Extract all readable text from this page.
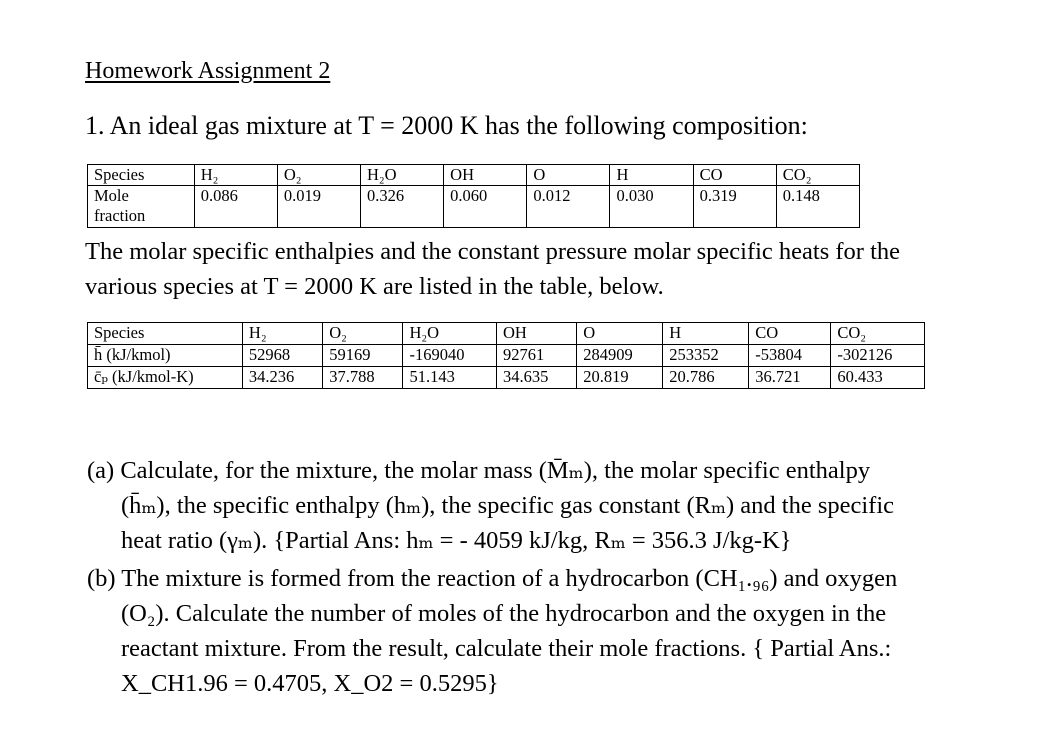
Homework Assignment 2
1. An ideal gas mixture at T = 2000 K has the following composition:
Species	H₂	O₂	H₂O	OH	O	H	CO	CO₂
Mole
fraction	0.086	0.019	0.326	0.060	0.012	0.030	0.319	0.148
The molar specific enthalpies and the constant pressure molar specific heats for the
various species at T = 2000 K are listed in the table, below.
Species	H₂	O₂	H₂O	OH	O	H	CO	CO₂
h̄ (kJ/kmol)	52968	59169	-169040	92761	284909	253352	-53804	-302126
c̄ₚ (kJ/kmol-K)	34.236	37.788	51.143	34.635	20.819	20.786	36.721	60.433
(a) Calculate, for the mixture, the molar mass (M̄ₘ), the molar specific enthalpy
(h̄ₘ), the specific enthalpy (hₘ), the specific gas constant (Rₘ) and the specific
heat ratio (γₘ). {Partial Ans: hₘ = - 4059 kJ/kg, Rₘ = 356.3 J/kg-K}
(b) The mixture is formed from the reaction of a hydrocarbon (CH₁.₉₆) and oxygen
(O₂). Calculate the number of moles of the hydrocarbon and the oxygen in the
reactant mixture. From the result, calculate their mole fractions. { Partial Ans.:
X_CH1.96 = 0.4705, X_O2 = 0.5295}
